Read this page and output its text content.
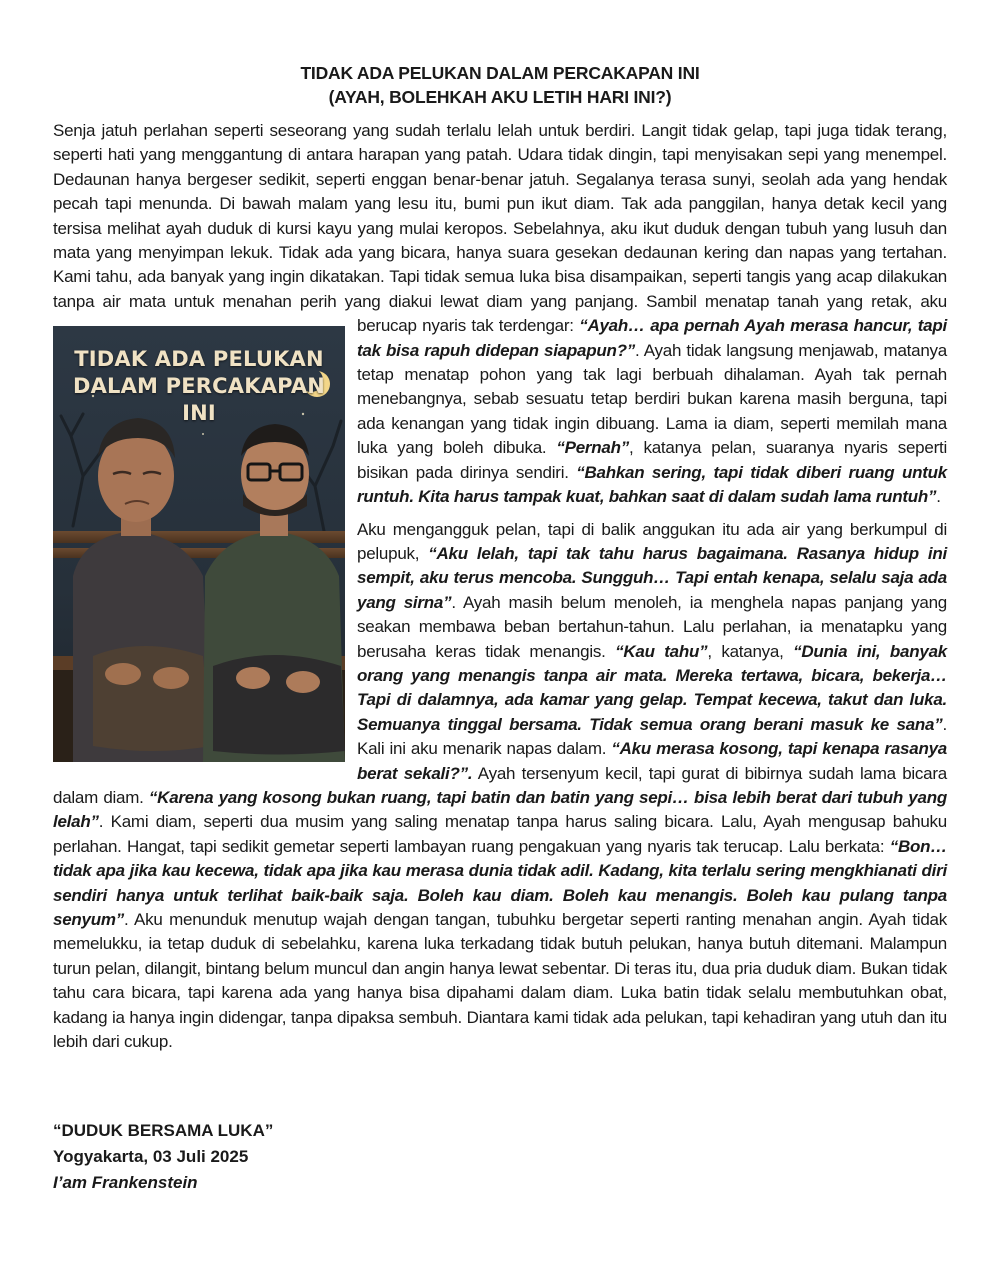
TIDAK ADA PELUKAN DALAM PERCAKAPAN INI
(AYAH, BOLEHKAH AKU LETIH HARI INI?)

Senja jatuh perlahan seperti seseorang yang sudah terlalu lelah untuk berdiri. Langit tidak gelap, tapi juga tidak terang, seperti hati yang menggantung di antara harapan yang patah. Udara tidak dingin, tapi menyisakan sepi yang menempel. Dedaunan hanya bergeser sedikit, seperti enggan benar-benar jatuh. Segalanya terasa sunyi, seolah ada yang hendak pecah tapi menunda. Di bawah malam yang lesu itu, bumi pun ikut diam. Tak ada panggilan, hanya detak kecil yang tersisa melihat ayah duduk di kursi kayu yang mulai keropos. Sebelahnya, aku ikut duduk dengan tubuh yang lusuh dan mata yang menyimpan lekuk. Tidak ada yang bicara, hanya suara gesekan dedaunan kering dan napas yang tertahan. Kami tahu, ada banyak yang ingin dikatakan. Tapi tidak semua luka bisa disampaikan, seperti tangis yang acap dilakukan tanpa air mata untuk menahan perih yang diakui lewat diam yang panjang. Sambil menatap tanah yang retak, aku berucap nyaris tak terdengar:
TIDAK ADA PELUKAN
DALAM PERCAKAPAN INI
“Ayah… apa pernah Ayah merasa hancur, tapi tak bisa rapuh didepan siapapun?”. Ayah tidak langsung menjawab, matanya tetap menatap pohon yang tak lagi berbuah dihalaman. Ayah tak pernah menebangnya, sebab sesuatu tetap berdiri bukan karena masih berguna, tapi ada kenangan yang tidak ingin dibuang. Lama ia diam, seperti memilah mana luka yang boleh dibuka. “Pernah”, katanya pelan, suaranya nyaris seperti bisikan pada dirinya sendiri. “Bahkan sering, tapi tidak diberi ruang untuk runtuh. Kita harus tampak kuat, bahkan saat di dalam sudah lama runtuh”.

Aku mengangguk pelan, tapi di balik anggukan itu ada air yang berkumpul di pelupuk, “Aku lelah, tapi tak tahu harus bagaimana. Rasanya hidup ini sempit, aku terus mencoba. Sungguh… Tapi entah kenapa, selalu saja ada yang sirna”. Ayah masih belum menoleh, ia menghela napas panjang yang seakan membawa beban bertahun-tahun. Lalu perlahan, ia menatapku yang berusaha keras tidak menangis. “Kau tahu”, katanya, “Dunia ini, banyak orang yang menangis tanpa air mata. Mereka tertawa, bicara, bekerja… Tapi di dalamnya, ada kamar yang gelap. Tempat kecewa, takut dan luka. Semuanya tinggal bersama. Tidak semua orang berani masuk ke sana”. Kali ini aku menarik napas dalam. “Aku merasa kosong, tapi kenapa rasanya berat sekali?”. Ayah tersenyum kecil, tapi gurat di bibirnya sudah lama bicara dalam diam. “Karena yang kosong bukan ruang, tapi batin dan batin yang sepi… bisa lebih berat dari tubuh yang lelah”. Kami diam, seperti dua musim yang saling menatap tanpa harus saling bicara. Lalu, Ayah mengusap bahuku perlahan. Hangat, tapi sedikit gemetar seperti lambayan ruang pengakuan yang nyaris tak terucap. Lalu berkata: “Bon… tidak apa jika kau kecewa, tidak apa jika kau merasa dunia tidak adil. Kadang, kita terlalu sering mengkhianati diri sendiri hanya untuk terlihat baik-baik saja. Boleh kau diam. Boleh kau menangis. Boleh kau pulang tanpa senyum”. Aku menunduk menutup wajah dengan tangan, tubuhku bergetar seperti ranting menahan angin. Ayah tidak memelukku, ia tetap duduk di sebelahku, karena luka terkadang tidak butuh pelukan, hanya butuh ditemani. Malampun turun pelan, dilangit, bintang belum muncul dan angin hanya lewat sebentar. Di teras itu, dua pria duduk diam. Bukan tidak tahu cara bicara, tapi karena ada yang hanya bisa dipahami dalam diam. Luka batin tidak selalu membutuhkan obat, kadang ia hanya ingin didengar, tanpa dipaksa sembuh. Diantara kami tidak ada pelukan, tapi kehadiran yang utuh dan itu lebih dari cukup.

“DUDUK BERSAMA LUKA”
Yogyakarta, 03 Juli 2025
I’am Frankenstein
